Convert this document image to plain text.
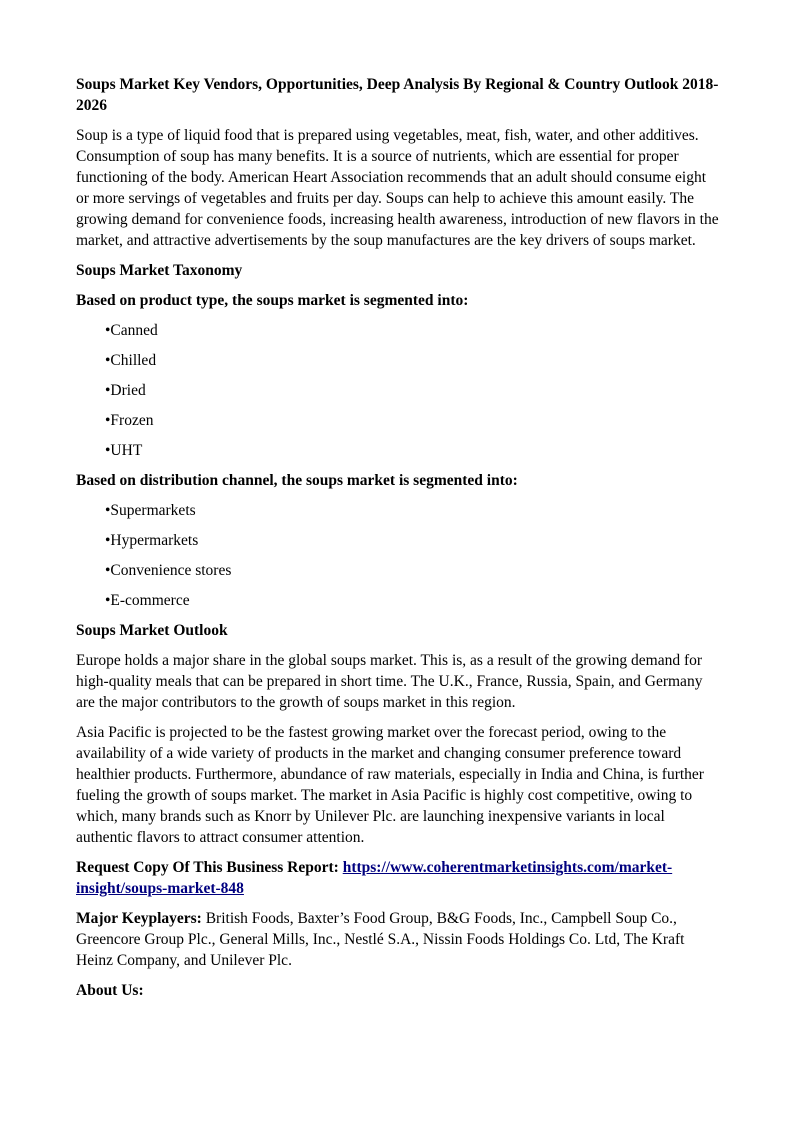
Soups Market Key Vendors, Opportunities, Deep Analysis By Regional & Country Outlook 2018-2026

Soup is a type of liquid food that is prepared using vegetables, meat, fish, water, and other additives. Consumption of soup has many benefits. It is a source of nutrients, which are essential for proper functioning of the body. American Heart Association recommends that an adult should consume eight or more servings of vegetables and fruits per day. Soups can help to achieve this amount easily. The growing demand for convenience foods, increasing health awareness, introduction of new flavors in the market, and attractive advertisements by the soup manufactures are the key drivers of soups market.

Soups Market Taxonomy

Based on product type, the soups market is segmented into:

•Canned
•Chilled
•Dried
•Frozen
•UHT

Based on distribution channel, the soups market is segmented into:

•Supermarkets
•Hypermarkets
•Convenience stores
•E-commerce

Soups Market Outlook

Europe holds a major share in the global soups market. This is, as a result of the growing demand for high-quality meals that can be prepared in short time. The U.K., France, Russia, Spain, and Germany are the major contributors to the growth of soups market in this region.

Asia Pacific is projected to be the fastest growing market over the forecast period, owing to the availability of a wide variety of products in the market and changing consumer preference toward healthier products. Furthermore, abundance of raw materials, especially in India and China, is further fueling the growth of soups market. The market in Asia Pacific is highly cost competitive, owing to which, many brands such as Knorr by Unilever Plc. are launching inexpensive variants in local authentic flavors to attract consumer attention.

Request Copy Of This Business Report: https://www.coherentmarketinsights.com/market-insight/soups-market-848

Major Keyplayers: British Foods, Baxter’s Food Group, B&G Foods, Inc., Campbell Soup Co., Greencore Group Plc., General Mills, Inc., Nestlé S.A., Nissin Foods Holdings Co. Ltd, The Kraft Heinz Company, and Unilever Plc.

About Us:
